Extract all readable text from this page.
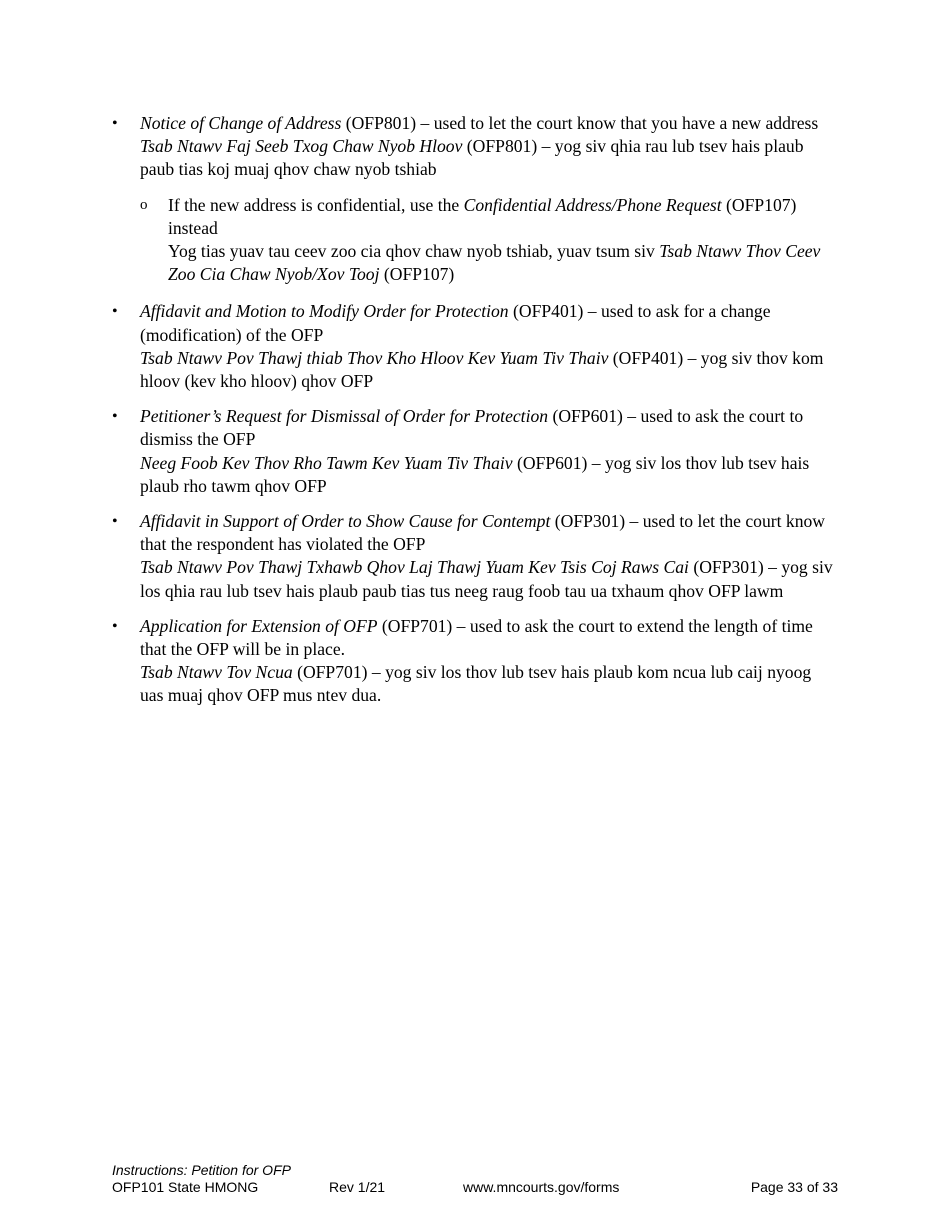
•	Notice of Change of Address (OFP801) – used to let the court know that you have a new address
Tsab Ntawv Faj Seeb Txog Chaw Nyob Hloov (OFP801) – yog siv qhia rau lub tsev hais plaub paub tias koj muaj qhov chaw nyob tshiab
o If the new address is confidential, use the Confidential Address/Phone Request (OFP107) instead
Yog tias yuav tau ceev zoo cia qhov chaw nyob tshiab, yuav tsum siv Tsab Ntawv Thov Ceev Zoo Cia Chaw Nyob/Xov Tooj (OFP107)
•	Affidavit and Motion to Modify Order for Protection (OFP401) – used to ask for a change (modification) of the OFP
Tsab Ntawv Pov Thawj thiab Thov Kho Hloov Kev Yuam Tiv Thaiv (OFP401) – yog siv thov kom hloov (kev kho hloov) qhov OFP
•	Petitioner’s Request for Dismissal of Order for Protection (OFP601) – used to ask the court to dismiss the OFP
Neeg Foob Kev Thov Rho Tawm Kev Yuam Tiv Thaiv (OFP601) – yog siv los thov lub tsev hais plaub rho tawm qhov OFP
•	Affidavit in Support of Order to Show Cause for Contempt (OFP301) – used to let the court know that the respondent has violated the OFP
Tsab Ntawv Pov Thawj Txhawb Qhov Laj Thawj Yuam Kev Tsis Coj Raws Cai (OFP301) – yog siv los qhia rau lub tsev hais plaub paub tias tus neeg raug foob tau ua txhaum qhov OFP lawm
•	Application for Extension of OFP (OFP701) – used to ask the court to extend the length of time that the OFP will be in place.
Tsab Ntawv Tov Ncua (OFP701) – yog siv los thov lub tsev hais plaub kom ncua lub caij nyoog uas muaj qhov OFP mus ntev dua.
Instructions: Petition for OFP
OFP101 State HMONG	Rev 1/21	www.mncourts.gov/forms	Page 33 of 33
